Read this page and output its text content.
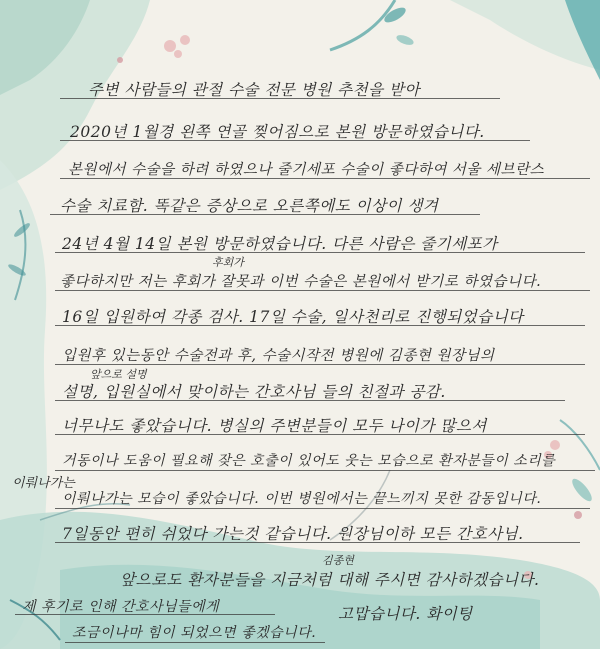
주변 사람들의 관절 수술 전문 병원 추천을 받아
2020년 1월경 왼쪽 연골 찢어짐으로 본원 방문하였습니다.
본원에서 수술을 하려 하였으나 줄기세포 수술이 좋다하여 서울 세브란스
수술 치료함. 똑같은 증상으로 오른쪽에도 이상이 생겨
24년 4월 14일 본원 방문하였습니다. 다른 사람은 줄기세포가
후회가
좋다하지만 저는 후회가 잘못과 이번 수술은 본원에서 받기로 하였습니다.
16일 입원하여 각종 검사. 17일 수술, 일사천리로 진행되었습니다
입원후 있는동안 수술전과 후, 수술시작전 병원에 김종현 원장님의
앞으로 설명
설명, 입원실에서 맞이하는 간호사님 들의 친절과 공감.
너무나도 좋았습니다. 병실의 주변분들이 모두 나이가 많으셔
거동이나 도움이 필요해 잦은 호출이 있어도 웃는 모습으로 환자분들이 소리를
이뤄나가는
이뤄나가는 모습이 좋았습니다. 이번 병원에서는 끝느끼지 못한 감동입니다.
7일동안 편히 쉬었다 가는것 같습니다. 원장님이하 모든 간호사님.
김종현
앞으로도 환자분들을 지금처럼 대해 주시면 감사하겠습니다.
제 후기로 인해 간호사님들에게	고맙습니다. 화이팅
조금이나마 힘이 되었으면 좋겠습니다.
